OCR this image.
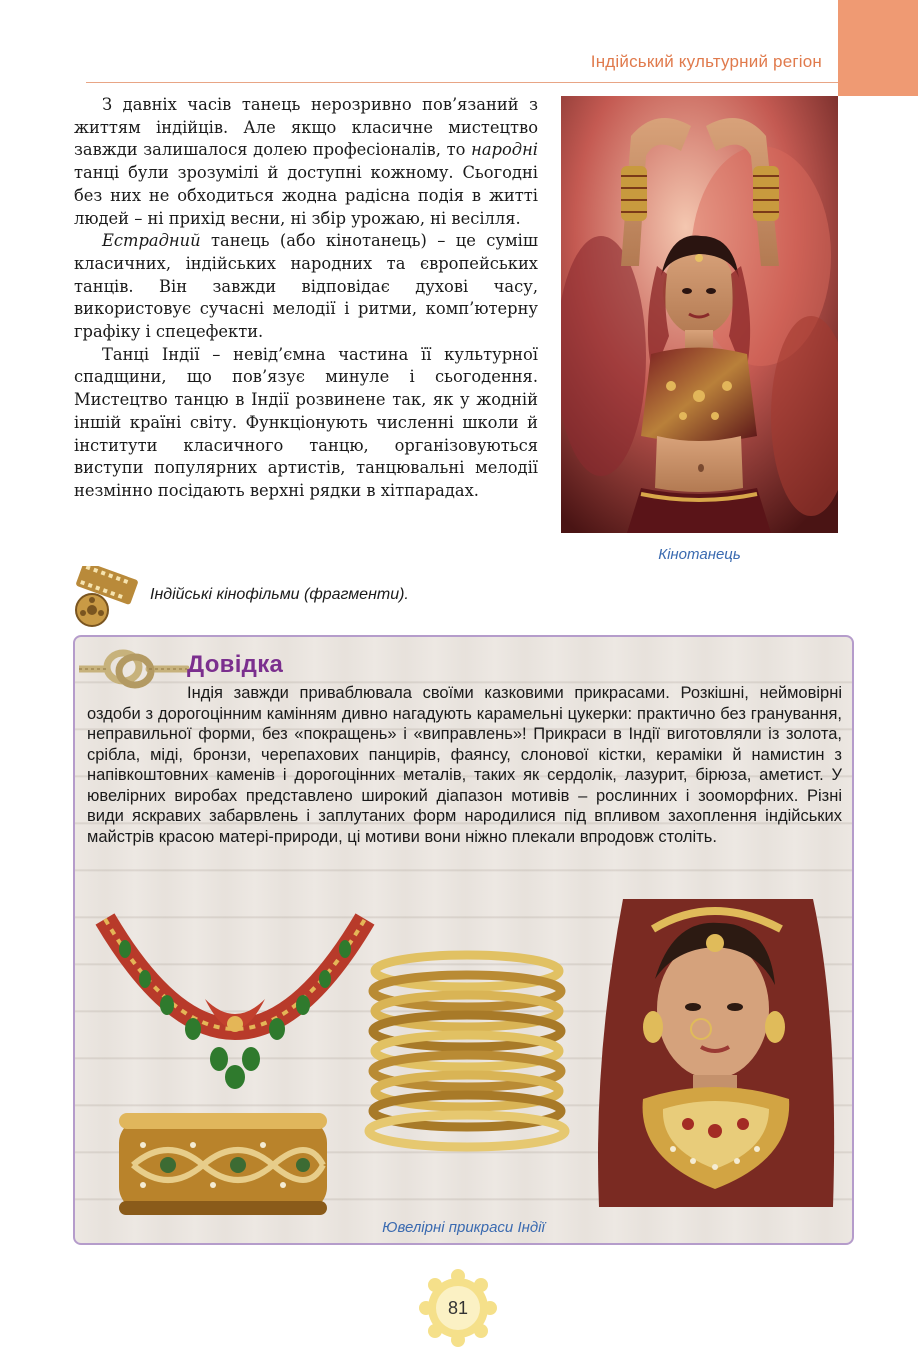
Індійський культурний регіон

З давніх часів танець нерозривно пов’язаний з життям індійців. Але якщо класичне мистецтво завжди залишалося долею професіоналів, то народні танці були зрозумілі й доступні кожному. Сьогодні без них не обходиться жодна радісна подія в житті людей – ні прихід весни, ні збір урожаю, ні весілля.

Естрадний танець (або кінотанець) – це суміш класичних, індійських народних та європейських танців. Він завжди відповідає духові часу, використовує сучасні мелодії і ритми, комп’ютерну графіку і спецефекти.

Танці Індії – невід’ємна частина її культурної спадщини, що пов’язує минуле і сьогодення. Мистецтво танцю в Індії розвинене так, як у жодній іншій країні світу. Функціонують численні школи й інститути класичного танцю, організовуються виступи популярних артистів, танцювальні мелодії незмінно посідають верхні рядки в хітпарадах.

Кінотанець
Індійські кінофільми (фрагменти).
Довідка

Індія завжди приваблювала своїми казковими прикрасами. Розкішні, неймовірні оздоби з дорогоцінним камінням дивно нагадують карамельні цукерки: практично без гранування, неправильної форми, без «покращень» і «виправлень»! Прикраси в Індії виготовляли із золота, срібла, міді, бронзи, черепахових панцирів, фаянсу, слонової кістки, кераміки й намистин з напівкоштовних каменів і дорогоцінних металів, таких як сердолік, лазурит, бірюза, аметист. У ювелірних виробах представлено широкий діапазон мотивів – рослинних і зооморфних. Різні види яскравих забарвлень і заплутаних форм народилися під впливом захоплення індійських майстрів красою матері-природи, ці мотиви вони ніжно плекали впродовж століть.

Ювелірні прикраси Індії
81
